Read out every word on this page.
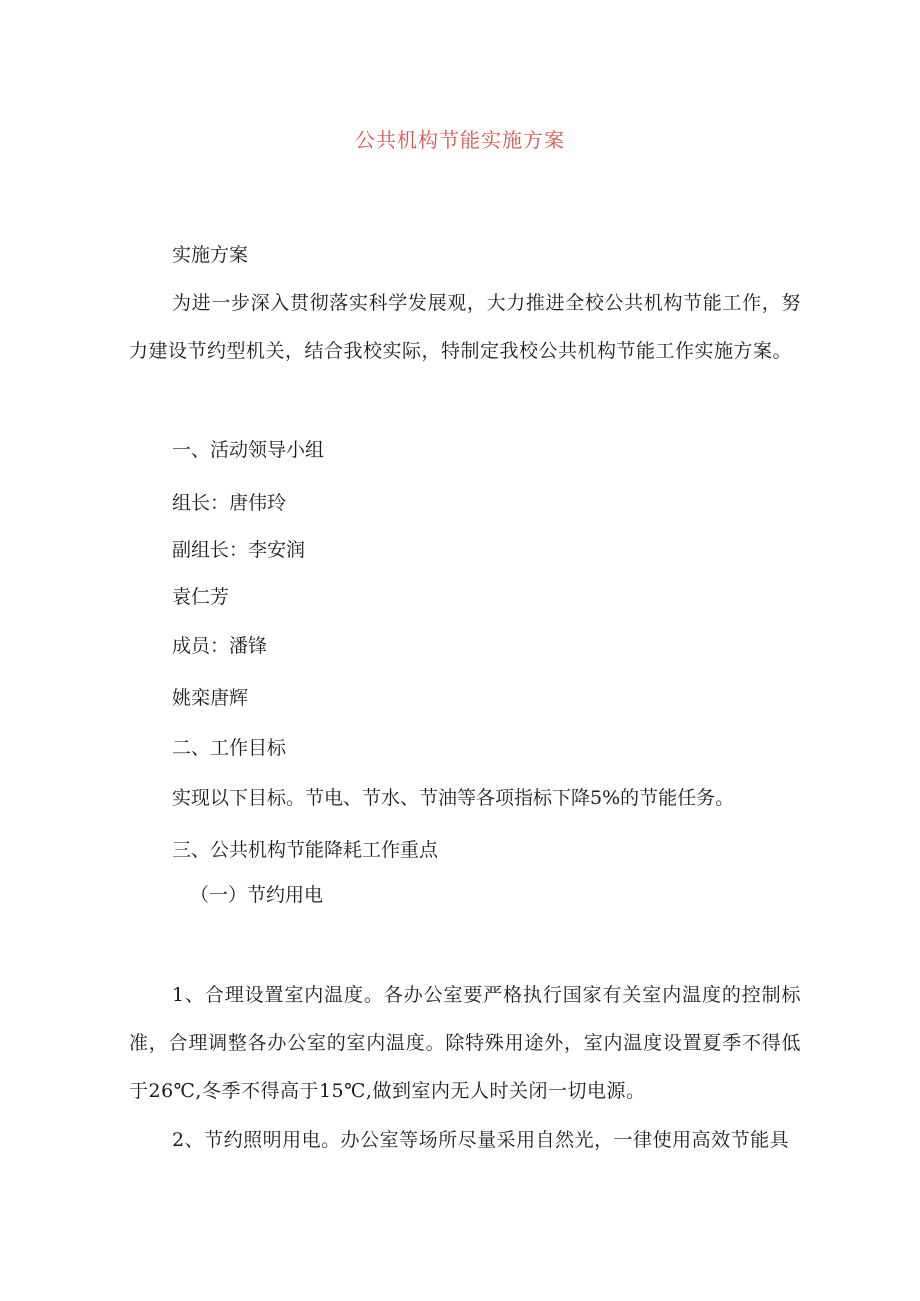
公共机构节能实施方案

实施方案

为进一步深入贯彻落实科学发展观，大力推进全校公共机构节能工作，努力建设节约型机关，结合我校实际，特制定我校公共机构节能工作实施方案。

一、活动领导小组

组长：唐伟玲

副组长：李安润

袁仁芳

成员：潘锋

姚栾唐辉

二、工作目标

实现以下目标。节电、节水、节油等各项指标下降5%的节能任务。

三、公共机构节能降耗工作重点

（一）节约用电

1、合理设置室内温度。各办公室要严格执行国家有关室内温度的控制标准，合理调整各办公室的室内温度。除特殊用途外，室内温度设置夏季不得低于26℃,冬季不得高于15℃,做到室内无人时关闭一切电源。

2、节约照明用电。办公室等场所尽量采用自然光，一律使用高效节能具
